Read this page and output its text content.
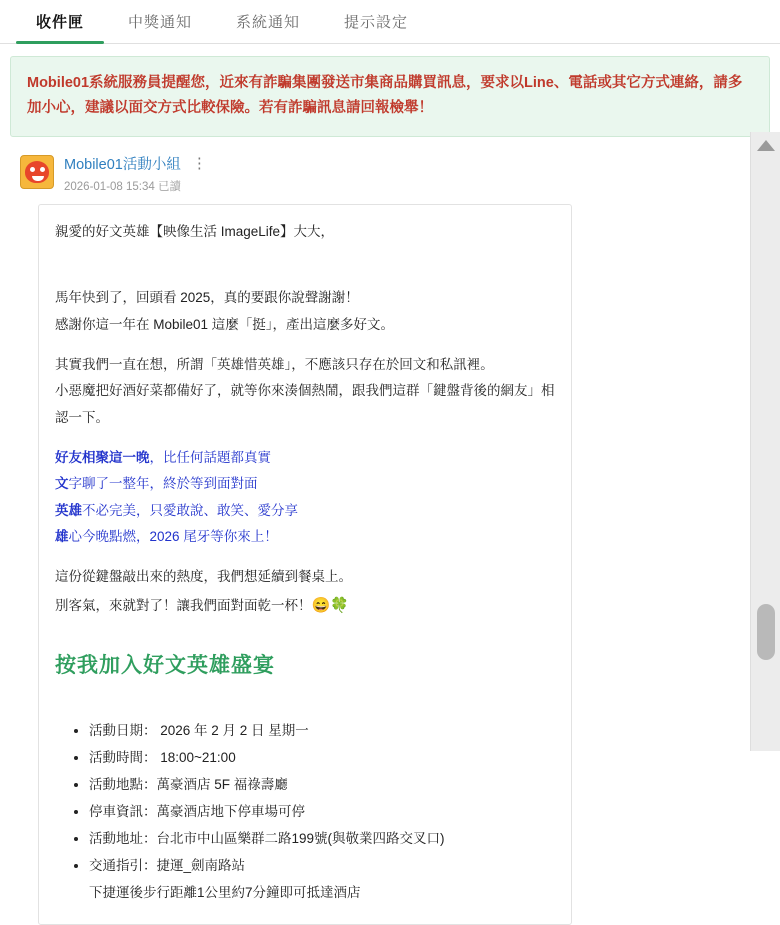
收件匣	中獎通知	系統通知	提示設定
Mobile01系統服務員提醒您，近來有詐騙集團發送市集商品購買訊息，要求以Line、電話或其它方式連絡，請多加小心，建議以面交方式比較保險。若有詐騙訊息請回報檢舉！
Mobile01活動小組 ⋮
2026-01-08 15:34 已讀

親愛的好文英雄【映像生活 ImageLife】大大，

馬年快到了，回頭看 2025，真的要跟你說聲謝謝！
感謝你這一年在 Mobile01 這麼「挺」，產出這麼多好文。
其實我們一直在想，所謂「英雄惜英雄」，不應該只存在於回文和私訊裡。
小惡魔把好酒好菜都備好了，就等你來湊個熱鬧，跟我們這群「鍵盤背後的網友」相認一下。
好友相聚這一晚，比任何話題都真實
文字聊了一整年，終於等到面對面
英雄不必完美，只愛敢說、敢笑、愛分享
雄心今晚點燃，2026 尾牙等你來上！
這份從鍵盤敲出來的熱度，我們想延續到餐桌上。
別客氣，來就對了！讓我們面對面乾一杯！😄🍀
按我加入好文英雄盛宴
• 活動日期： 2026 年 2 月 2 日 星期一
• 活動時間： 18:00~21:00
• 活動地點：萬豪酒店 5F 福祿壽廳
• 停車資訊：萬豪酒店地下停車場可停
• 活動地址：台北市中山區樂群二路199號(與敬業四路交叉口)
• 交通指引：捷運_劍南路站
下捷運後步行距離1公里約7分鐘即可抵達酒店
